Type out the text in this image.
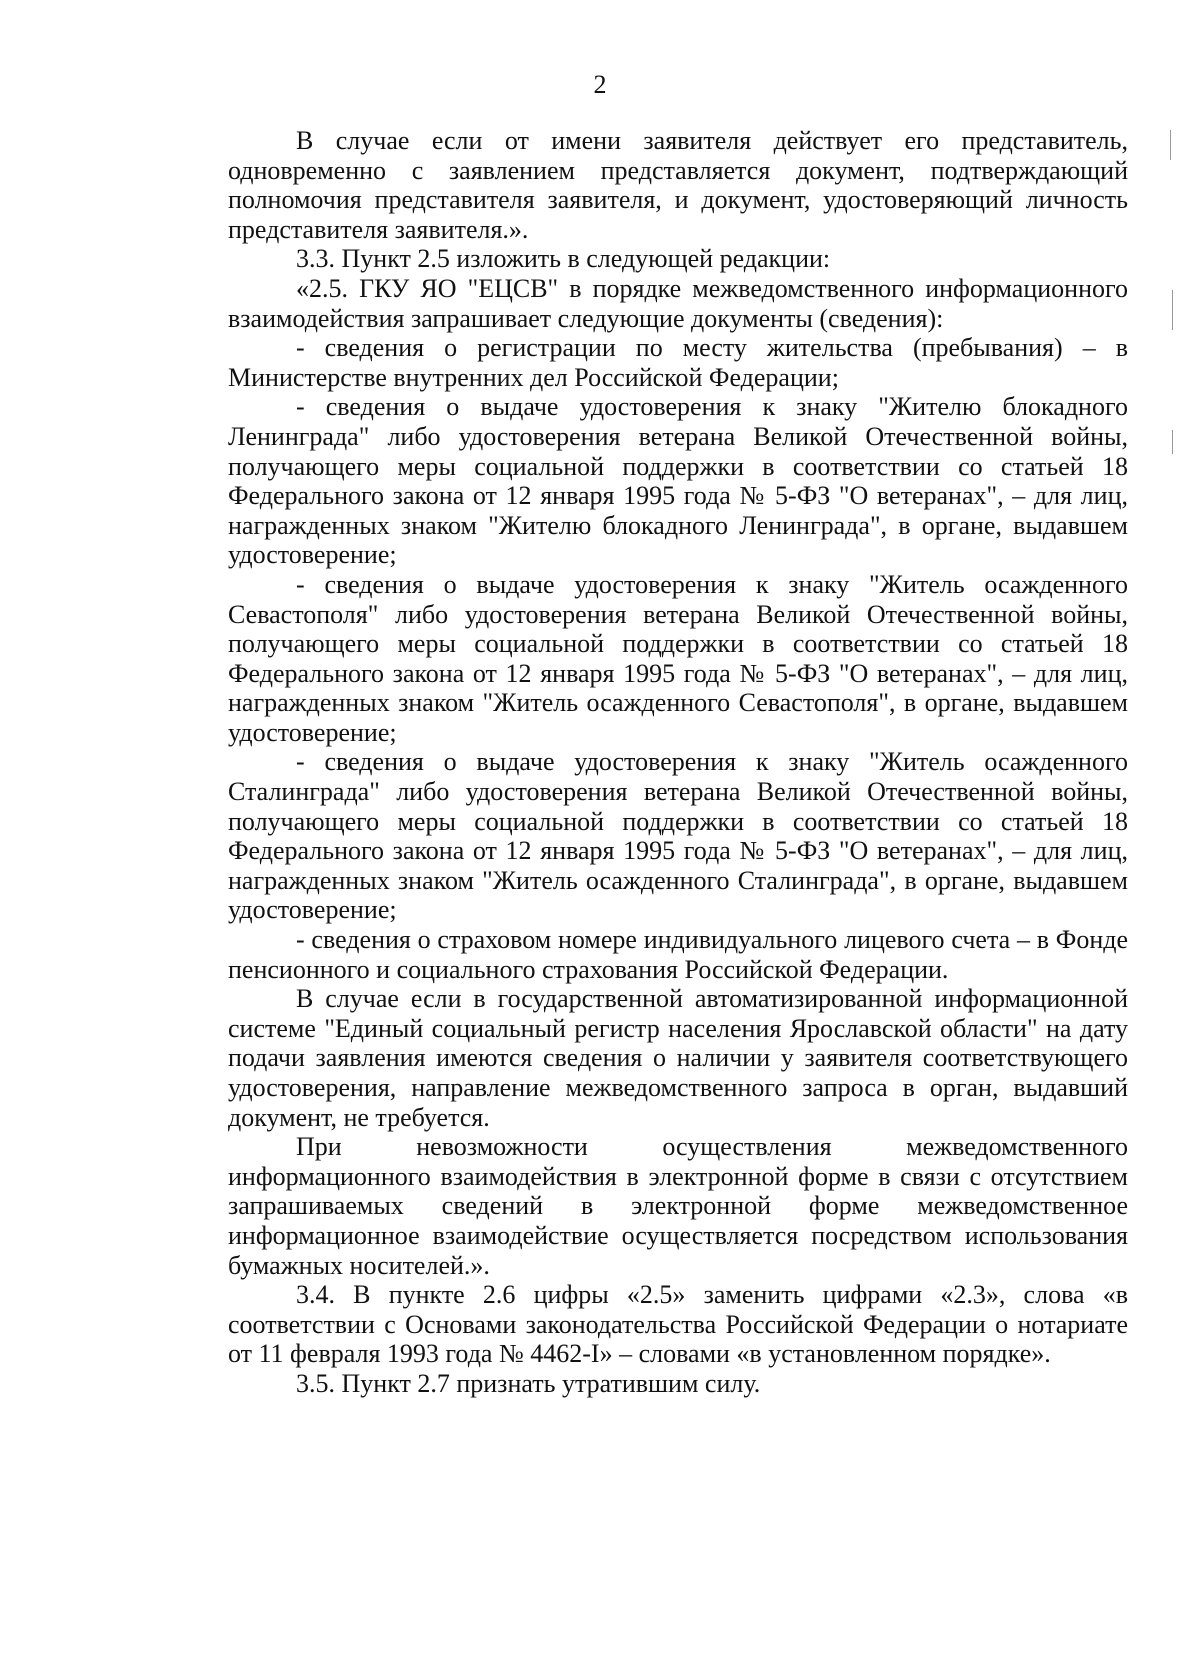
2

В случае если от имени заявителя действует его представитель, одновременно с заявлением представляется документ, подтверждающий полномочия представителя заявителя, и документ, удостоверяющий личность представителя заявителя.».

3.3. Пункт 2.5 изложить в следующей редакции:

«2.5. ГКУ ЯО "ЕЦСВ" в порядке межведомственного информационного взаимодействия запрашивает следующие документы (сведения):

- сведения о регистрации по месту жительства (пребывания) – в Министерстве внутренних дел Российской Федерации;

- сведения о выдаче удостоверения к знаку "Жителю блокадного Ленинграда" либо удостоверения ветерана Великой Отечественной войны, получающего меры социальной поддержки в соответствии со статьей 18 Федерального закона от 12 января 1995 года № 5-ФЗ "О ветеранах", – для лиц, награжденных знаком "Жителю блокадного Ленинграда", в органе, выдавшем удостоверение;

- сведения о выдаче удостоверения к знаку "Житель осажденного Севастополя" либо удостоверения ветерана Великой Отечественной войны, получающего меры социальной поддержки в соответствии со статьей 18 Федерального закона от 12 января 1995 года № 5-ФЗ "О ветеранах", – для лиц, награжденных знаком "Житель осажденного Севастополя", в органе, выдавшем удостоверение;

- сведения о выдаче удостоверения к знаку "Житель осажденного Сталинграда" либо удостоверения ветерана Великой Отечественной войны, получающего меры социальной поддержки в соответствии со статьей 18 Федерального закона от 12 января 1995 года № 5-ФЗ "О ветеранах", – для лиц, награжденных знаком "Житель осажденного Сталинграда", в органе, выдавшем удостоверение;

- сведения о страховом номере индивидуального лицевого счета – в Фонде пенсионного и социального страхования Российской Федерации.

В случае если в государственной автоматизированной информационной системе "Единый социальный регистр населения Ярославской области" на дату подачи заявления имеются сведения о наличии у заявителя соответствующего удостоверения, направление межведомственного запроса в орган, выдавший документ, не требуется.

При невозможности осуществления межведомственного информационного взаимодействия в электронной форме в связи с отсутствием запрашиваемых сведений в электронной форме межведомственное информационное взаимодействие осуществляется посредством использования бумажных носителей.».

3.4. В пункте 2.6 цифры «2.5» заменить цифрами «2.3», слова «в соответствии с Основами законодательства Российской Федерации о нотариате от 11 февраля 1993 года № 4462-I» – словами «в установленном порядке».

3.5. Пункт 2.7 признать утратившим силу.
